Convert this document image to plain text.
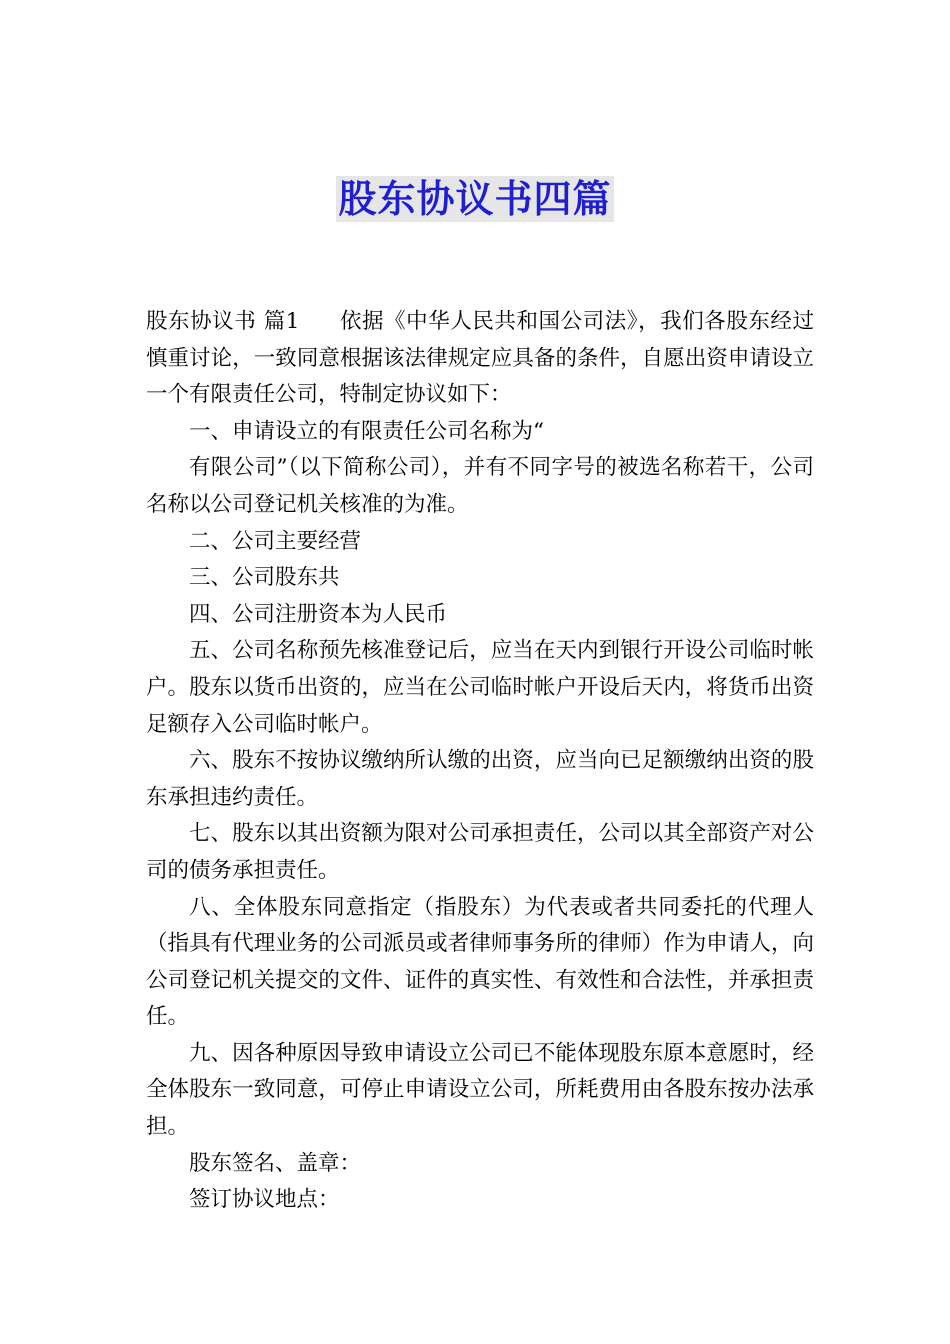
股东协议书四篇

股东协议书 篇1 依据《中华人民共和国公司法》，我们各股东经过慎重讨论，一致同意根据该法律规定应具备的条件，自愿出资申请设立一个有限责任公司，特制定协议如下：

一、申请设立的有限责任公司名称为“

有限公司”（以下简称公司），并有不同字号的被选名称若干，公司名称以公司登记机关核准的为准。

二、公司主要经营

三、公司股东共

四、公司注册资本为人民币

五、公司名称预先核准登记后，应当在天内到银行开设公司临时帐户。股东以货币出资的，应当在公司临时帐户开设后天内，将货币出资足额存入公司临时帐户。

六、股东不按协议缴纳所认缴的出资，应当向已足额缴纳出资的股东承担违约责任。

七、股东以其出资额为限对公司承担责任，公司以其全部资产对公司的债务承担责任。

八、全体股东同意指定（指股东）为代表或者共同委托的代理人（指具有代理业务的公司派员或者律师事务所的律师）作为申请人，向公司登记机关提交的文件、证件的真实性、有效性和合法性，并承担责任。

九、因各种原因导致申请设立公司已不能体现股东原本意愿时，经全体股东一致同意，可停止申请设立公司，所耗费用由各股东按办法承担。

股东签名、盖章：

签订协议地点：
